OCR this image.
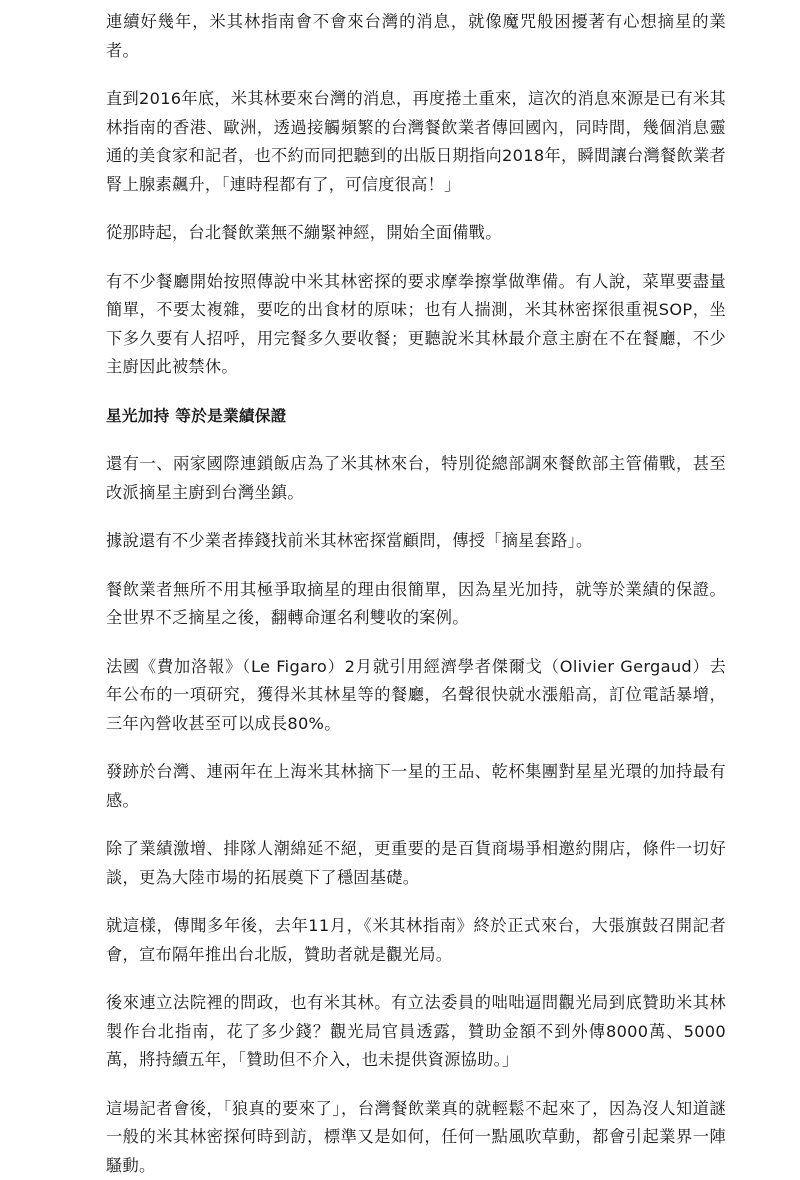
連續好幾年，米其林指南會不會來台灣的消息，就像魔咒般困擾著有心想摘星的業者。

直到2016年底，米其林要來台灣的消息，再度捲土重來，這次的消息來源是已有米其林指南的香港、歐洲，透過接觸頻繁的台灣餐飲業者傳回國內，同時間，幾個消息靈通的美食家和記者，也不約而同把聽到的出版日期指向2018年，瞬間讓台灣餐飲業者腎上腺素飆升，「連時程都有了，可信度很高！」

從那時起，台北餐飲業無不繃緊神經，開始全面備戰。

有不少餐廳開始按照傳說中米其林密探的要求摩拳擦掌做準備。有人說，菜單要盡量簡單，不要太複雜，要吃的出食材的原味；也有人揣測，米其林密探很重視SOP，坐下多久要有人招呼，用完餐多久要收餐；更聽說米其林最介意主廚在不在餐廳，不少主廚因此被禁休。

星光加持 等於是業績保證

還有一、兩家國際連鎖飯店為了米其林來台，特別從總部調來餐飲部主管備戰，甚至改派摘星主廚到台灣坐鎮。

據說還有不少業者捧錢找前米其林密探當顧問，傳授「摘星套路」。

餐飲業者無所不用其極爭取摘星的理由很簡單，因為星光加持，就等於業績的保證。全世界不乏摘星之後，翻轉命運名利雙收的案例。

法國《費加洛報》（Le Figaro）2月就引用經濟學者傑爾戈（Olivier Gergaud）去年公布的一項研究，獲得米其林星等的餐廳，名聲很快就水漲船高，訂位電話暴增，三年內營收甚至可以成長80%。

發跡於台灣、連兩年在上海米其林摘下一星的王品、乾杯集團對星星光環的加持最有感。

除了業績激增、排隊人潮綿延不絕，更重要的是百貨商場爭相邀約開店，條件一切好談，更為大陸市場的拓展奠下了穩固基礎。

就這樣，傳聞多年後，去年11月，《米其林指南》終於正式來台，大張旗鼓召開記者會，宣布隔年推出台北版，贊助者就是觀光局。

後來連立法院裡的問政，也有米其林。有立法委員的咄咄逼問觀光局到底贊助米其林製作台北指南，花了多少錢？觀光局官員透露，贊助金額不到外傳8000萬、5000萬，將持續五年，「贊助但不介入，也未提供資源協助。」

這場記者會後，「狼真的要來了」，台灣餐飲業真的就輕鬆不起來了，因為沒人知道謎一般的米其林密探何時到訪，標準又是如何，任何一點風吹草動，都會引起業界一陣騷動。
